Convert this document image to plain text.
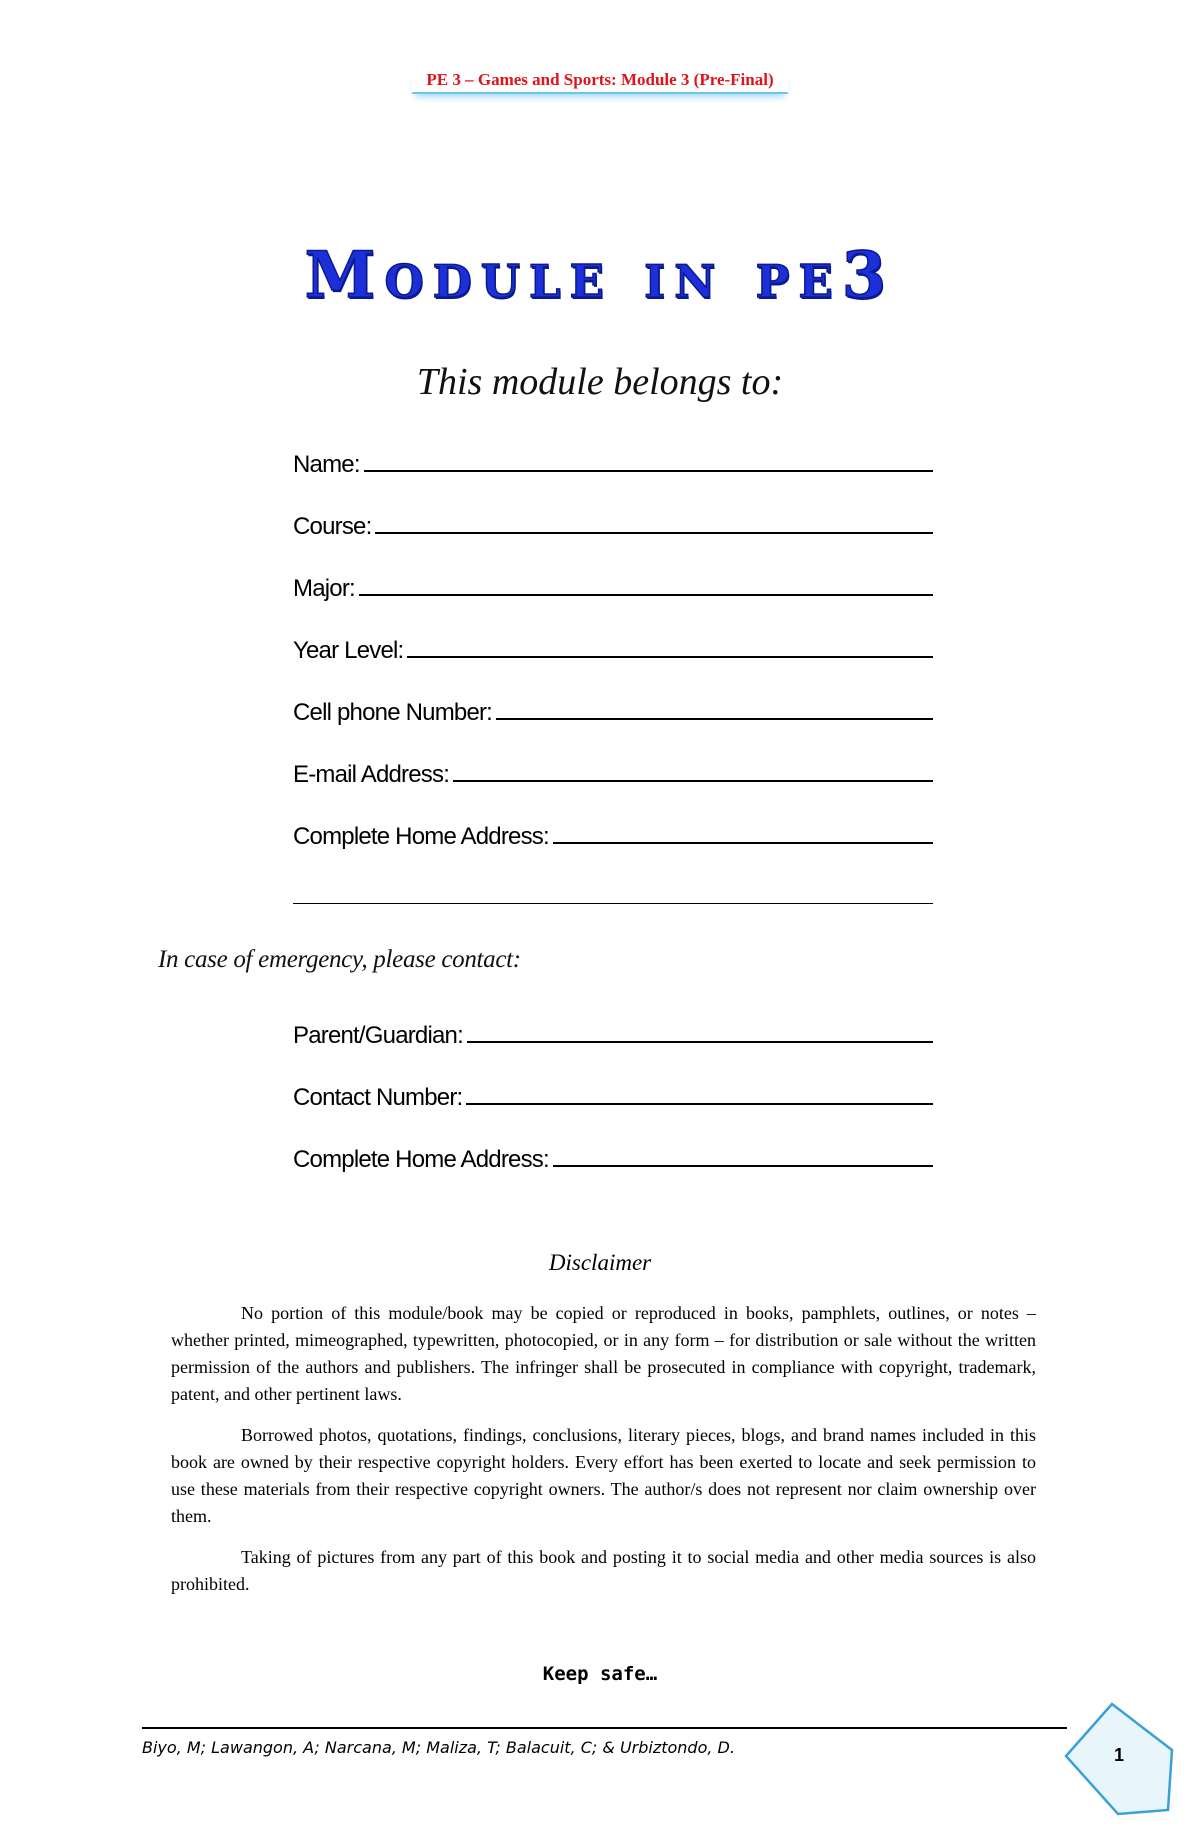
PE 3 – Games and Sports: Module 3 (Pre-Final)
Module in pe3
This module belongs to:
Name:
Course:
Major:
Year Level:
Cell phone Number:
E-mail Address:
Complete Home Address:
In case of emergency, please contact:
Parent/Guardian:
Contact Number:
Complete Home Address:
Disclaimer

No portion of this module/book may be copied or reproduced in books, pamphlets, outlines, or notes – whether printed, mimeographed, typewritten, photocopied, or in any form – for distribution or sale without the written permission of the authors and publishers. The infringer shall be prosecuted in compliance with copyright, trademark, patent, and other pertinent laws.

Borrowed photos, quotations, findings, conclusions, literary pieces, blogs, and brand names included in this book are owned by their respective copyright holders. Every effort has been exerted to locate and seek permission to use these materials from their respective copyright owners. The author/s does not represent nor claim ownership over them.

Taking of pictures from any part of this book and posting it to social media and other media sources is also prohibited.

Keep safe…
Biyo, M; Lawangon, A; Narcana, M; Maliza, T; Balacuit, C; & Urbiztondo, D.	1
